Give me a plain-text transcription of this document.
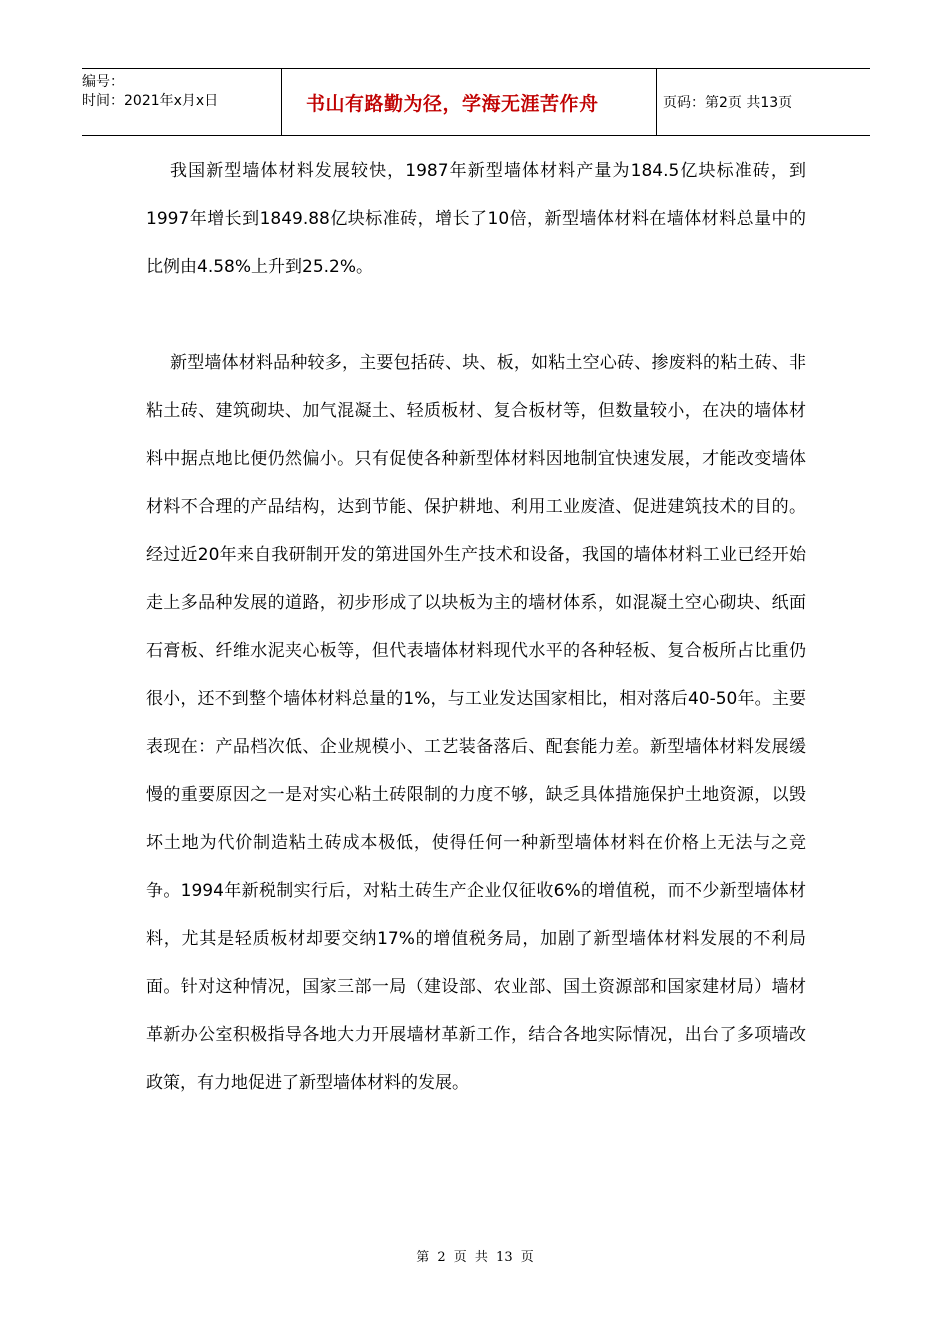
编号：
时间：2021年x月x日	书山有路勤为径，学海无涯苦作舟	页码：第2页 共13页

我国新型墙体材料发展较快，1987年新型墙体材料产量为184.5亿块标准砖，到1997年增长到1849.88亿块标准砖，增长了10倍，新型墙体材料在墙体材料总量中的比例由4.58%上升到25.2%。

新型墙体材料品种较多，主要包括砖、块、板，如粘土空心砖、掺废料的粘土砖、非粘土砖、建筑砌块、加气混凝土、轻质板材、复合板材等，但数量较小，在决的墙体材料中据点地比便仍然偏小。只有促使各种新型体材料因地制宜快速发展，才能改变墙体材料不合理的产品结构，达到节能、保护耕地、利用工业废渣、促进建筑技术的目的。经过近20年来自我研制开发的第进国外生产技术和设备，我国的墙体材料工业已经开始走上多品种发展的道路，初步形成了以块板为主的墙材体系，如混凝土空心砌块、纸面石膏板、纤维水泥夹心板等，但代表墙体材料现代水平的各种轻板、复合板所占比重仍很小，还不到整个墙体材料总量的1%，与工业发达国家相比，相对落后40-50年。主要表现在：产品档次低、企业规模小、工艺装备落后、配套能力差。新型墙体材料发展缓慢的重要原因之一是对实心粘土砖限制的力度不够，缺乏具体措施保护土地资源，以毁坏土地为代价制造粘土砖成本极低，使得任何一种新型墙体材料在价格上无法与之竞争。1994年新税制实行后，对粘土砖生产企业仅征收6%的增值税，而不少新型墙体材料，尤其是轻质板材却要交纳17%的增值税务局，加剧了新型墙体材料发展的不利局面。针对这种情况，国家三部一局（建设部、农业部、国土资源部和国家建材局）墙材革新办公室积极指导各地大力开展墙材革新工作，结合各地实际情况，出台了多项墙改政策，有力地促进了新型墙体材料的发展。

第 2 页 共 13 页
